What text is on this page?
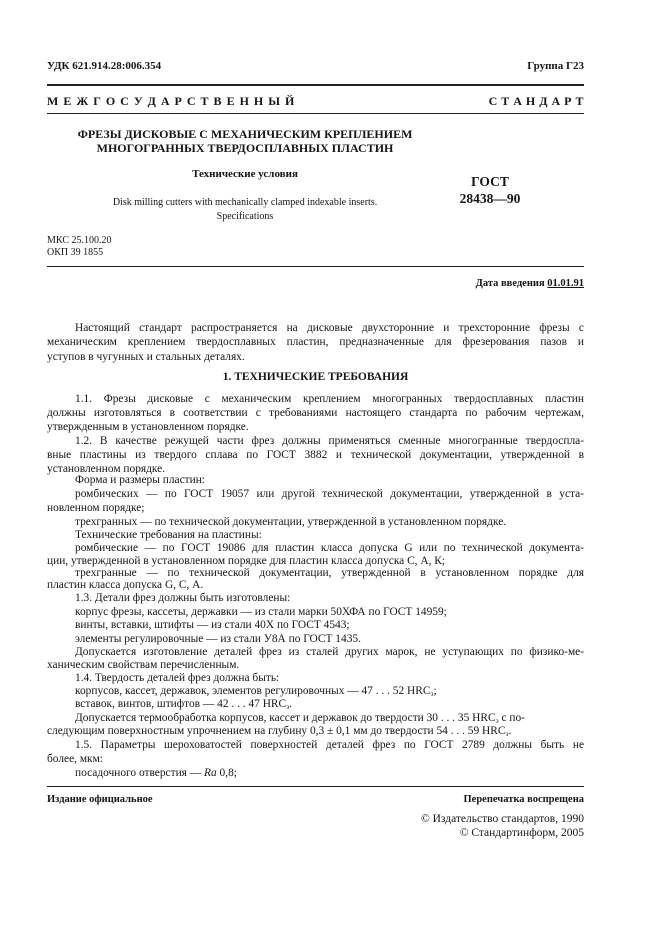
УДК 621.914.28:006.354	Группа Г23
М Е Ж Г О С У Д А Р С Т В Е Н Н Ы Й	С Т А Н Д А Р Т
ФРЕЗЫ ДИСКОВЫЕ С МЕХАНИЧЕСКИМ КРЕПЛЕНИЕМ
МНОГОГРАННЫХ ТВЕРДОСПЛАВНЫХ ПЛАСТИН
Технические условия
Disk milling cutters with mechanically clamped indexable inserts.
Specifications
ГОСТ
28438—90
МКС 25.100.20
ОКП 39 1855
Дата введения 01.01.91
Настоящий стандарт распространяется на дисковые двухсторонние и трехсторонние фрезы с
механическим креплением твердосплавных пластин, предназначенные для фрезерования пазов и
уступов в чугунных и стальных деталях.
1. ТЕХНИЧЕСКИЕ ТРЕБОВАНИЯ
1.1. Фрезы дисковые с механическим креплением многогранных твердосплавных пластин
должны изготовляться в соответствии с требованиями настоящего стандарта по рабочим чертежам,
утвержденным в установленном порядке.
1.2. В качестве режущей части фрез должны применяться сменные многогранные твердоспла-
вные пластины из твердого сплава по ГОСТ 3882 и технической документации, утвержденной в
установленном порядке.
Форма и размеры пластин:
ромбических — по ГОСТ 19057 или другой технической документации, утвержденной в уста-
новленном порядке;
трехгранных — по технической документации, утвержденной в установленном порядке.
Технические требования на пластины:
ромбические — по ГОСТ 19086 для пластин класса допуска G или по технической документа-
ции, утвержденной в установленном порядке для пластин класса допуска С, А, К;
трехгранные — по технической документации, утвержденной в установленном порядке для
пластин класса допуска G, С, А.
1.3. Детали фрез должны быть изготовлены:
корпус фрезы, кассеты, державки — из стали марки 50ХФА по ГОСТ 14959;
винты, вставки, штифты — из стали 40Х по ГОСТ 4543;
элементы регулировочные — из стали У8А по ГОСТ 1435.
Допускается изготовление деталей фрез из сталей других марок, не уступающих по физико-ме-
ханическим свойствам перечисленным.
1.4. Твердость деталей фрез должна быть:
корпусов, кассет, державок, элементов регулировочных — 47 . . . 52 $HRC_э$;
вставок, винтов, штифтов — 42 . . . 47 $HRC_э$.
Допускается термообработка корпусов, кассет и державок до твердости 30 . . . 35 $HRC_э$ с по-
следующим поверхностным упрочнением на глубину 0,3 ± 0,1 мм до твердости 54 . . . 59 $HRC_э$.
1.5. Параметры шероховатостей поверхностей деталей фрез по ГОСТ 2789 должны быть не
более, мкм:
посадочного отверстия — Ra 0,8;
Издание официальное	Перепечатка воспрещена
© Издательство стандартов, 1990
© Стандартинформ, 2005
